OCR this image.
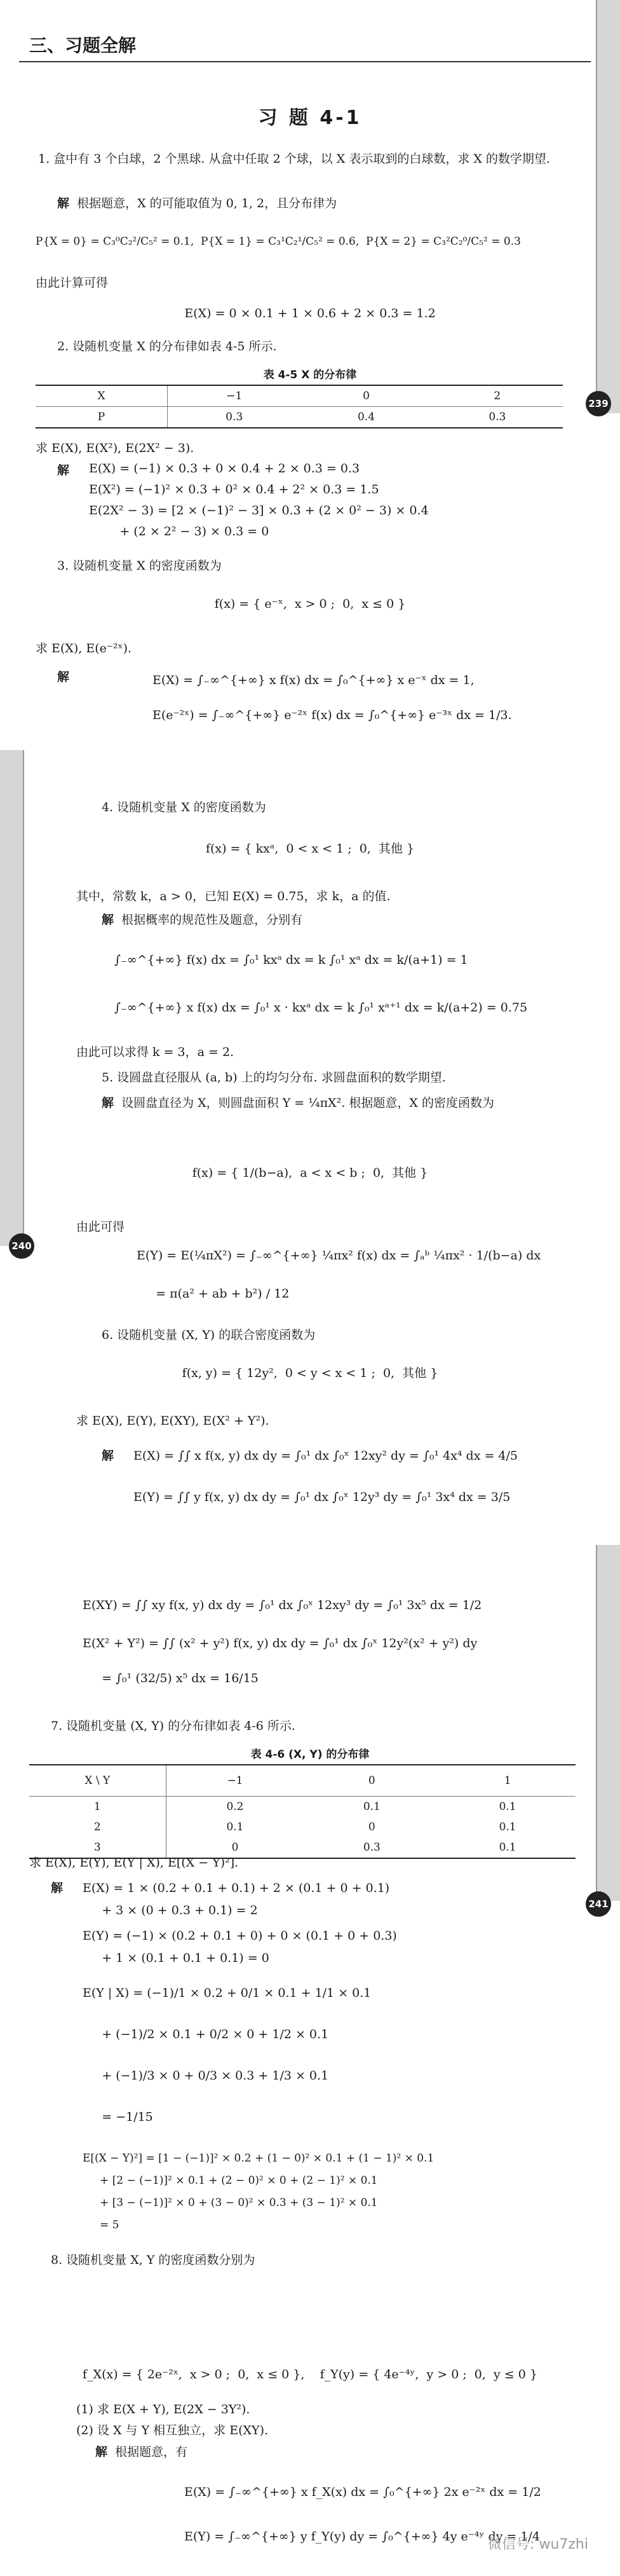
239
240
241
三、习题全解
习 题 4-1
1. 盒中有 3 个白球，2 个黑球. 从盒中任取 2 个球，以 X 表示取到的白球数，求 X 的数学期望.
解 根据题意，X 的可能取值为 0, 1, 2，且分布律为
P{X = 0} = C₃⁰C₂²/C₅² = 0.1,  P{X = 1} = C₃¹C₂¹/C₅² = 0.6,  P{X = 2} = C₃²C₂⁰/C₅² = 0.3
由此计算可得
E(X) = 0 × 0.1 + 1 × 0.6 + 2 × 0.3 = 1.2
2. 设随机变量 X 的分布律如表 4-5 所示.
表 4-5 X 的分布律
X	−1	0	2
P	0.3	0.4	0.3
求 E(X), E(X²), E(2X² − 3).
解 E(X) = (−1) × 0.3 + 0 × 0.4 + 2 × 0.3 = 0.3
E(X²) = (−1)² × 0.3 + 0² × 0.4 + 2² × 0.3 = 1.5
E(2X² − 3) = [2 × (−1)² − 3] × 0.3 + (2 × 0² − 3) × 0.4
+ (2 × 2² − 3) × 0.3 = 0
3. 设随机变量 X 的密度函数为
f(x) = { e⁻ˣ,  x > 0 ;  0,  x ≤ 0 }
求 E(X), E(e⁻²ˣ).
解	E(X) = ∫₋∞^{+∞} x f(x) dx = ∫₀^{+∞} x e⁻ˣ dx = 1,
E(e⁻²ˣ) = ∫₋∞^{+∞} e⁻²ˣ f(x) dx = ∫₀^{+∞} e⁻³ˣ dx = 1/3.
4. 设随机变量 X 的密度函数为
f(x) = { kxᵃ,  0 < x < 1 ;  0,  其他 }
其中，常数 k，a > 0，已知 E(X) = 0.75，求 k，a 的值.
解 根据概率的规范性及题意，分别有
∫₋∞^{+∞} f(x) dx = ∫₀¹ kxᵃ dx = k ∫₀¹ xᵃ dx = k/(a+1) = 1
∫₋∞^{+∞} x f(x) dx = ∫₀¹ x · kxᵃ dx = k ∫₀¹ xᵃ⁺¹ dx = k/(a+2) = 0.75
由此可以求得 k = 3，a = 2.
5. 设圆盘直径服从 (a, b) 上的均匀分布. 求圆盘面积的数学期望.
解 设圆盘直径为 X，则圆盘面积 Y = ¼πX². 根据题意，X 的密度函数为
f(x) = { 1/(b−a),  a < x < b ;  0,  其他 }
由此可得
E(Y) = E(¼πX²) = ∫₋∞^{+∞} ¼πx² f(x) dx = ∫ₐᵇ ¼πx² · 1/(b−a) dx
= π(a² + ab + b²) / 12
6. 设随机变量 (X, Y) 的联合密度函数为
f(x, y) = { 12y²,  0 < y < x < 1 ;  0,  其他 }
求 E(X), E(Y), E(XY), E(X² + Y²).
解 E(X) = ∫∫ x f(x, y) dx dy = ∫₀¹ dx ∫₀ˣ 12xy² dy = ∫₀¹ 4x⁴ dx = 4/5
E(Y) = ∫∫ y f(x, y) dx dy = ∫₀¹ dx ∫₀ˣ 12y³ dy = ∫₀¹ 3x⁴ dx = 3/5
E(XY) = ∫∫ xy f(x, y) dx dy = ∫₀¹ dx ∫₀ˣ 12xy³ dy = ∫₀¹ 3x⁵ dx = 1/2
E(X² + Y²) = ∫∫ (x² + y²) f(x, y) dx dy = ∫₀¹ dx ∫₀ˣ 12y²(x² + y²) dy
= ∫₀¹ (32/5) x⁵ dx = 16/15
7. 设随机变量 (X, Y) 的分布律如表 4-6 所示.
表 4-6 (X, Y) 的分布律
X \ Y	−1	0	1
1	0.2	0.1	0.1
2	0.1	0	0.1
3	0	0.3	0.1
求 E(X), E(Y), E(Y | X), E[(X − Y)²].
解 E(X) = 1 × (0.2 + 0.1 + 0.1) + 2 × (0.1 + 0 + 0.1)
+ 3 × (0 + 0.3 + 0.1) = 2
E(Y) = (−1) × (0.2 + 0.1 + 0) + 0 × (0.1 + 0 + 0.3)
+ 1 × (0.1 + 0.1 + 0.1) = 0
E(Y | X) = (−1)/1 × 0.2 + 0/1 × 0.1 + 1/1 × 0.1
+ (−1)/2 × 0.1 + 0/2 × 0 + 1/2 × 0.1
+ (−1)/3 × 0 + 0/3 × 0.3 + 1/3 × 0.1
= −1/15
E[(X − Y)²] = [1 − (−1)]² × 0.2 + (1 − 0)² × 0.1 + (1 − 1)² × 0.1
+ [2 − (−1)]² × 0.1 + (2 − 0)² × 0 + (2 − 1)² × 0.1
+ [3 − (−1)]² × 0 + (3 − 0)² × 0.3 + (3 − 1)² × 0.1
= 5
8. 设随机变量 X, Y 的密度函数分别为
f_X(x) = { 2e⁻²ˣ,  x > 0 ;  0,  x ≤ 0 },    f_Y(y) = { 4e⁻⁴ʸ,  y > 0 ;  0,  y ≤ 0 }
(1) 求 E(X + Y), E(2X − 3Y²).
(2) 设 X 与 Y 相互独立，求 E(XY).
解 根据题意，有
E(X) = ∫₋∞^{+∞} x f_X(x) dx = ∫₀^{+∞} 2x e⁻²ˣ dx = 1/2
E(Y) = ∫₋∞^{+∞} y f_Y(y) dy = ∫₀^{+∞} 4y e⁻⁴ʸ dy = 1/4
微信号: wu7zhi
